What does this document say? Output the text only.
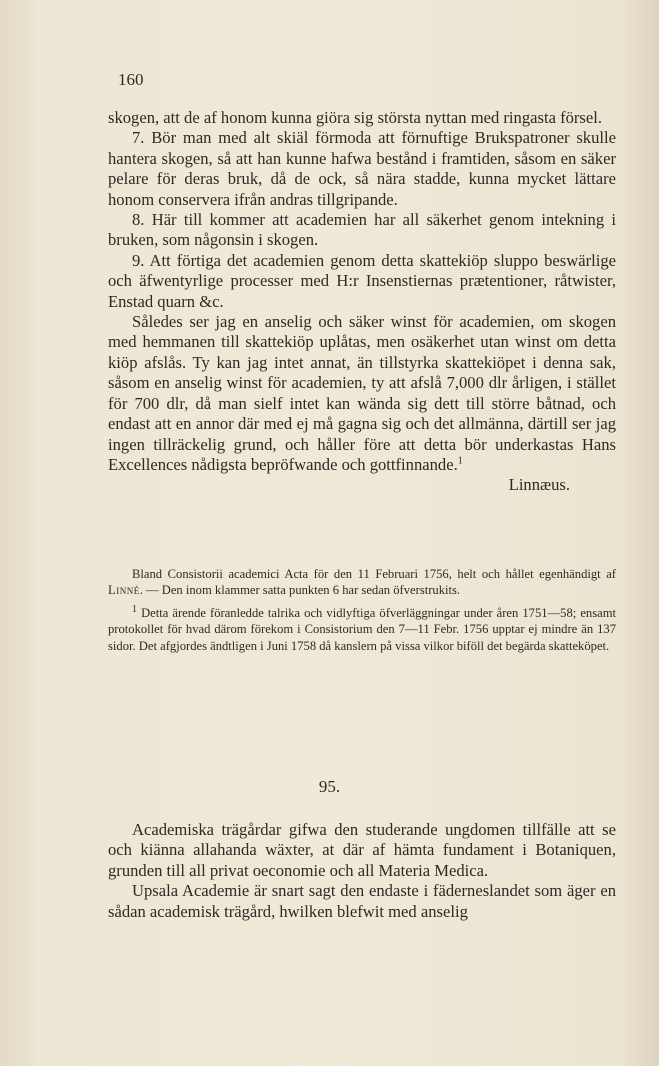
160

skogen, att de af honom kunna giöra sig största nyttan med ringasta försel.

7. Bör man med alt skiäl förmoda att förnuftige Brukspatroner skulle hantera skogen, så att han kunne hafwa bestånd i framtiden, såsom en säker pelare för deras bruk, då de ock, så nära stadde, kunna mycket lättare honom conservera ifrån andras tillgripande.

8. Här till kommer att academien har all säkerhet genom intekning i bruken, som någonsin i skogen.

9. Att förtiga det academien genom detta skattekiöp sluppo beswärlige och äfwentyrlige processer med H:r Insenstiernas prætentioner, råtwister, Enstad quarn &c.

Således ser jag en anselig och säker winst för academien, om skogen med hemmanen till skattekiöp uplåtas, men osäkerhet utan winst om detta kiöp afslås. Ty kan jag intet annat, än tillstyrka skattekiöpet i denna sak, såsom en anselig winst för academien, ty att afslå 7,000 dlr årligen, i stället för 700 dlr, då man sielf intet kan wända sig dett till större båtnad, och endast att en annor där med ej må gagna sig och det allmänna, därtill ser jag ingen tillräckelig grund, och håller före att detta bör underkastas Hans Excellences nådigsta bepröfwande och gottfinnande.$^1$

Linnæus.

Bland Consistorii academici Acta för den 11 Februari 1756, helt och hållet egenhändigt af Linné. — Den inom klammer satta punkten 6 har sedan öfverstrukits.

$^1$ Detta ärende föranledde talrika och vidlyftiga öfverläggningar under åren 1751—58; ensamt protokollet för hvad därom förekom i Consistorium den 7—11 Febr. 1756 upptar ej mindre än 137 sidor. Det afgjordes ändtligen i Juni 1758 då kanslern på vissa vilkor biföll det begärda skatteköpet.

95.

Academiska trägårdar gifwa den studerande ungdomen tillfälle att se och kiänna allahanda wäxter, at där af hämta fundament i Botaniquen, grunden till all privat oeconomie och all Materia Medica.

Upsala Academie är snart sagt den endaste i fäderneslandet som äger en sådan academisk trägård, hwilken blefwit med anselig
